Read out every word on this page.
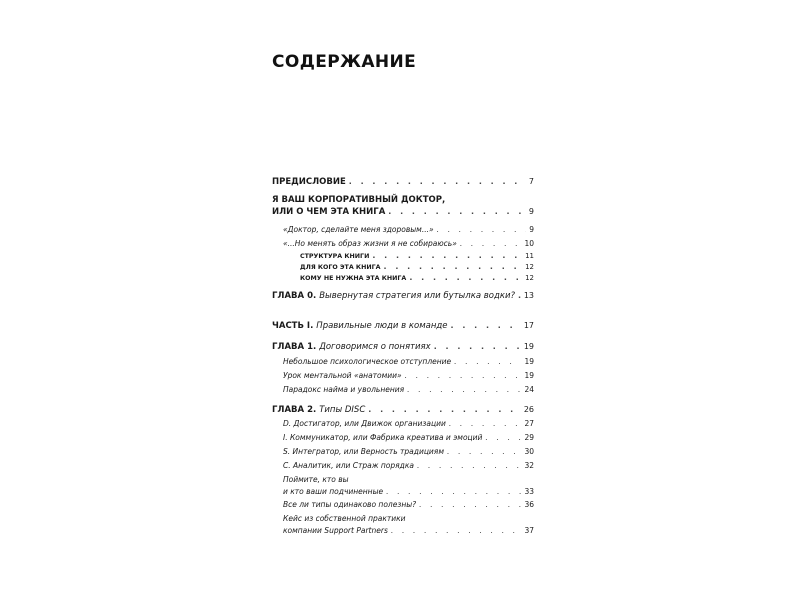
СОДЕРЖАНИЕ
ПРЕДИСЛОВИЕ . . .	7
Я ВАШ КОРПОРАТИВНЫЙ ДОКТОР,
ИЛИ О ЧЕМ ЭТА КНИГА . . .	9
«Доктор, сделайте меня здоровым...» . . .	9
«...Но менять образ жизни я не собираюсь» . . .	10
СТРУКТУРА КНИГИ . . .	11
ДЛЯ КОГО ЭТА КНИГА . . .	12
КОМУ НЕ НУЖНА ЭТА КНИГА . . .	12
ГЛАВА 0. Вывернутая стратегия или бутылка водки? . . . 13
ЧАСТЬ I. Правильные люди в команде . . .	17
ГЛАВА 1. Договоримся о понятиях . . .	19
Небольшое психологическое отступление . . .	19
Урок ментальной «анатомии» . . .	19
Парадокс найма и увольнения . . .	24
ГЛАВА 2. Типы DISC . . .	26
D. Достигатор, или Движок организации . . .	27
I. Коммуникатор, или Фабрика креатива и эмоций . . .	29
S. Интегратор, или Верность традициям . . .	30
C. Аналитик, или Страж порядка . . .	32
Поймите, кто вы
и кто ваши подчиненные . . .	33
Все ли типы одинаково полезны? . . .	36
Кейс из собственной практики
компании Support Partners . . .	37
